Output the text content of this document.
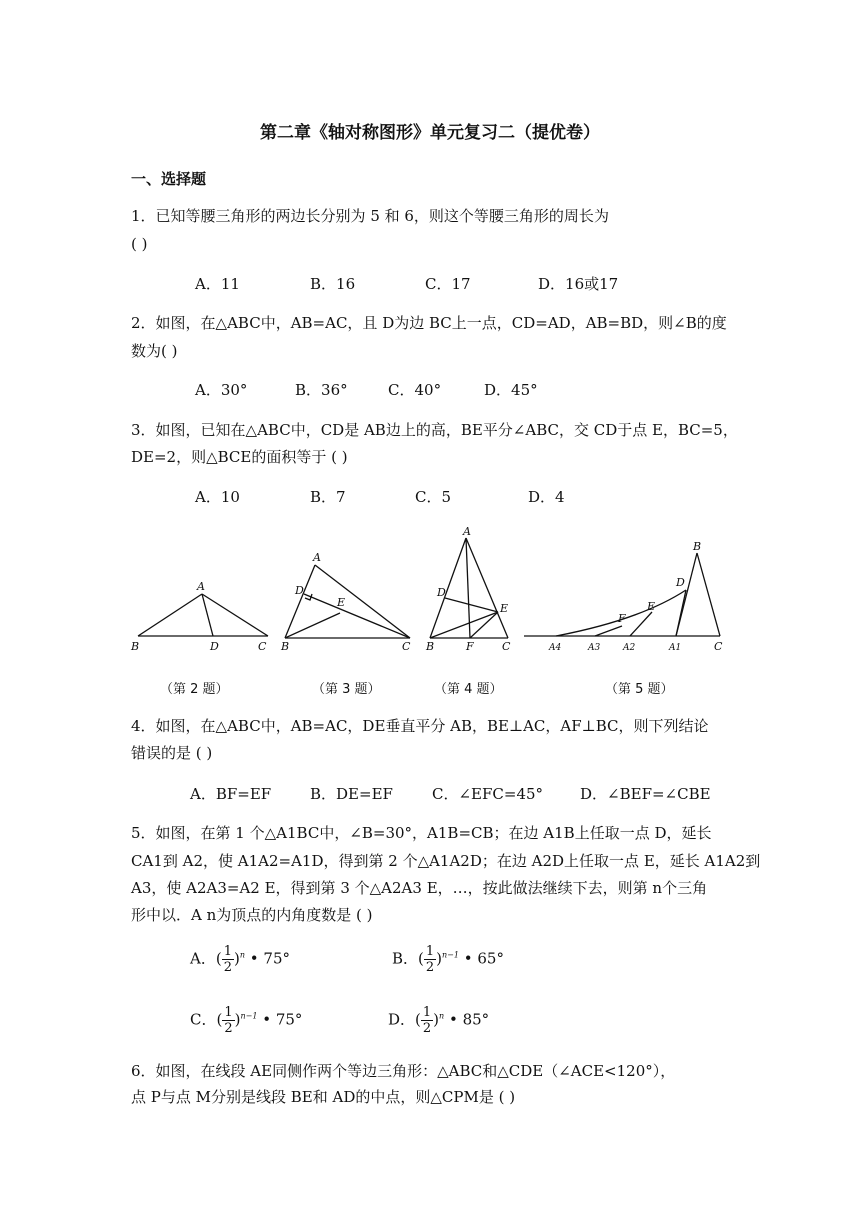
第二章《轴对称图形》单元复习二（提优卷）
一、选择题
1．已知等腰三角形的两边长分别为 5 和 6，则这个等腰三角形的周长为
( )
A．11	B．16	C．17	D．16或17
2．如图，在△ABC中，AB=AC，且 D为边 BC上一点，CD=AD，AB=BD，则∠B的度
数为( )
A．30°	B．36°	C．40°	D．45°
3．如图，已知在△ABC中，CD是 AB边上的高，BE平分∠ABC，交 CD于点 E，BC=5，
DE=2，则△BCE的面积等于 ( )
A．10	B．7	C．5	D．4
A
B	D	C
A
D
E
B	C
A
D
E
B	F	C
B
D
E
F
A4	A3	A2	A1	C
（第 2 题）	（第 3 题）	（第 4 题）	（第 5 题）
4．如图，在△ABC中，AB=AC，DE垂直平分 AB，BE⊥AC，AF⊥BC，则下列结论
错误的是 ( )
A．BF=EF	B．DE=EF	C．∠EFC=45° D．∠BEF=∠CBE
5．如图，在第 1 个△A1BC中，∠B=30°，A1B=CB；在边 A1B上任取一点 D，延长
CA1到 A2，使 A1A2=A1D，得到第 2 个△A1A2D；在边 A2D上任取一点 E，延长 A1A2到
A3，使 A2A3=A2 E，得到第 3 个△A2A3 E，…，按此做法继续下去，则第 n个三角
形中以．A n为顶点的内角度数是 ( )
A．( $\frac{1}{2} )^n$ • 75°	B．( $\frac{1}{2} )^{n-1}$ • 65°
C．( $\frac{1}{2} )^{n-1}$ • 75°	D．( $\frac{1}{2} )^n$ • 85°
6．如图，在线段 AE同侧作两个等边三角形：△ABC和△CDE（∠ACE<120°），
点 P与点 M分别是线段 BE和 AD的中点，则△CPM是 ( )
